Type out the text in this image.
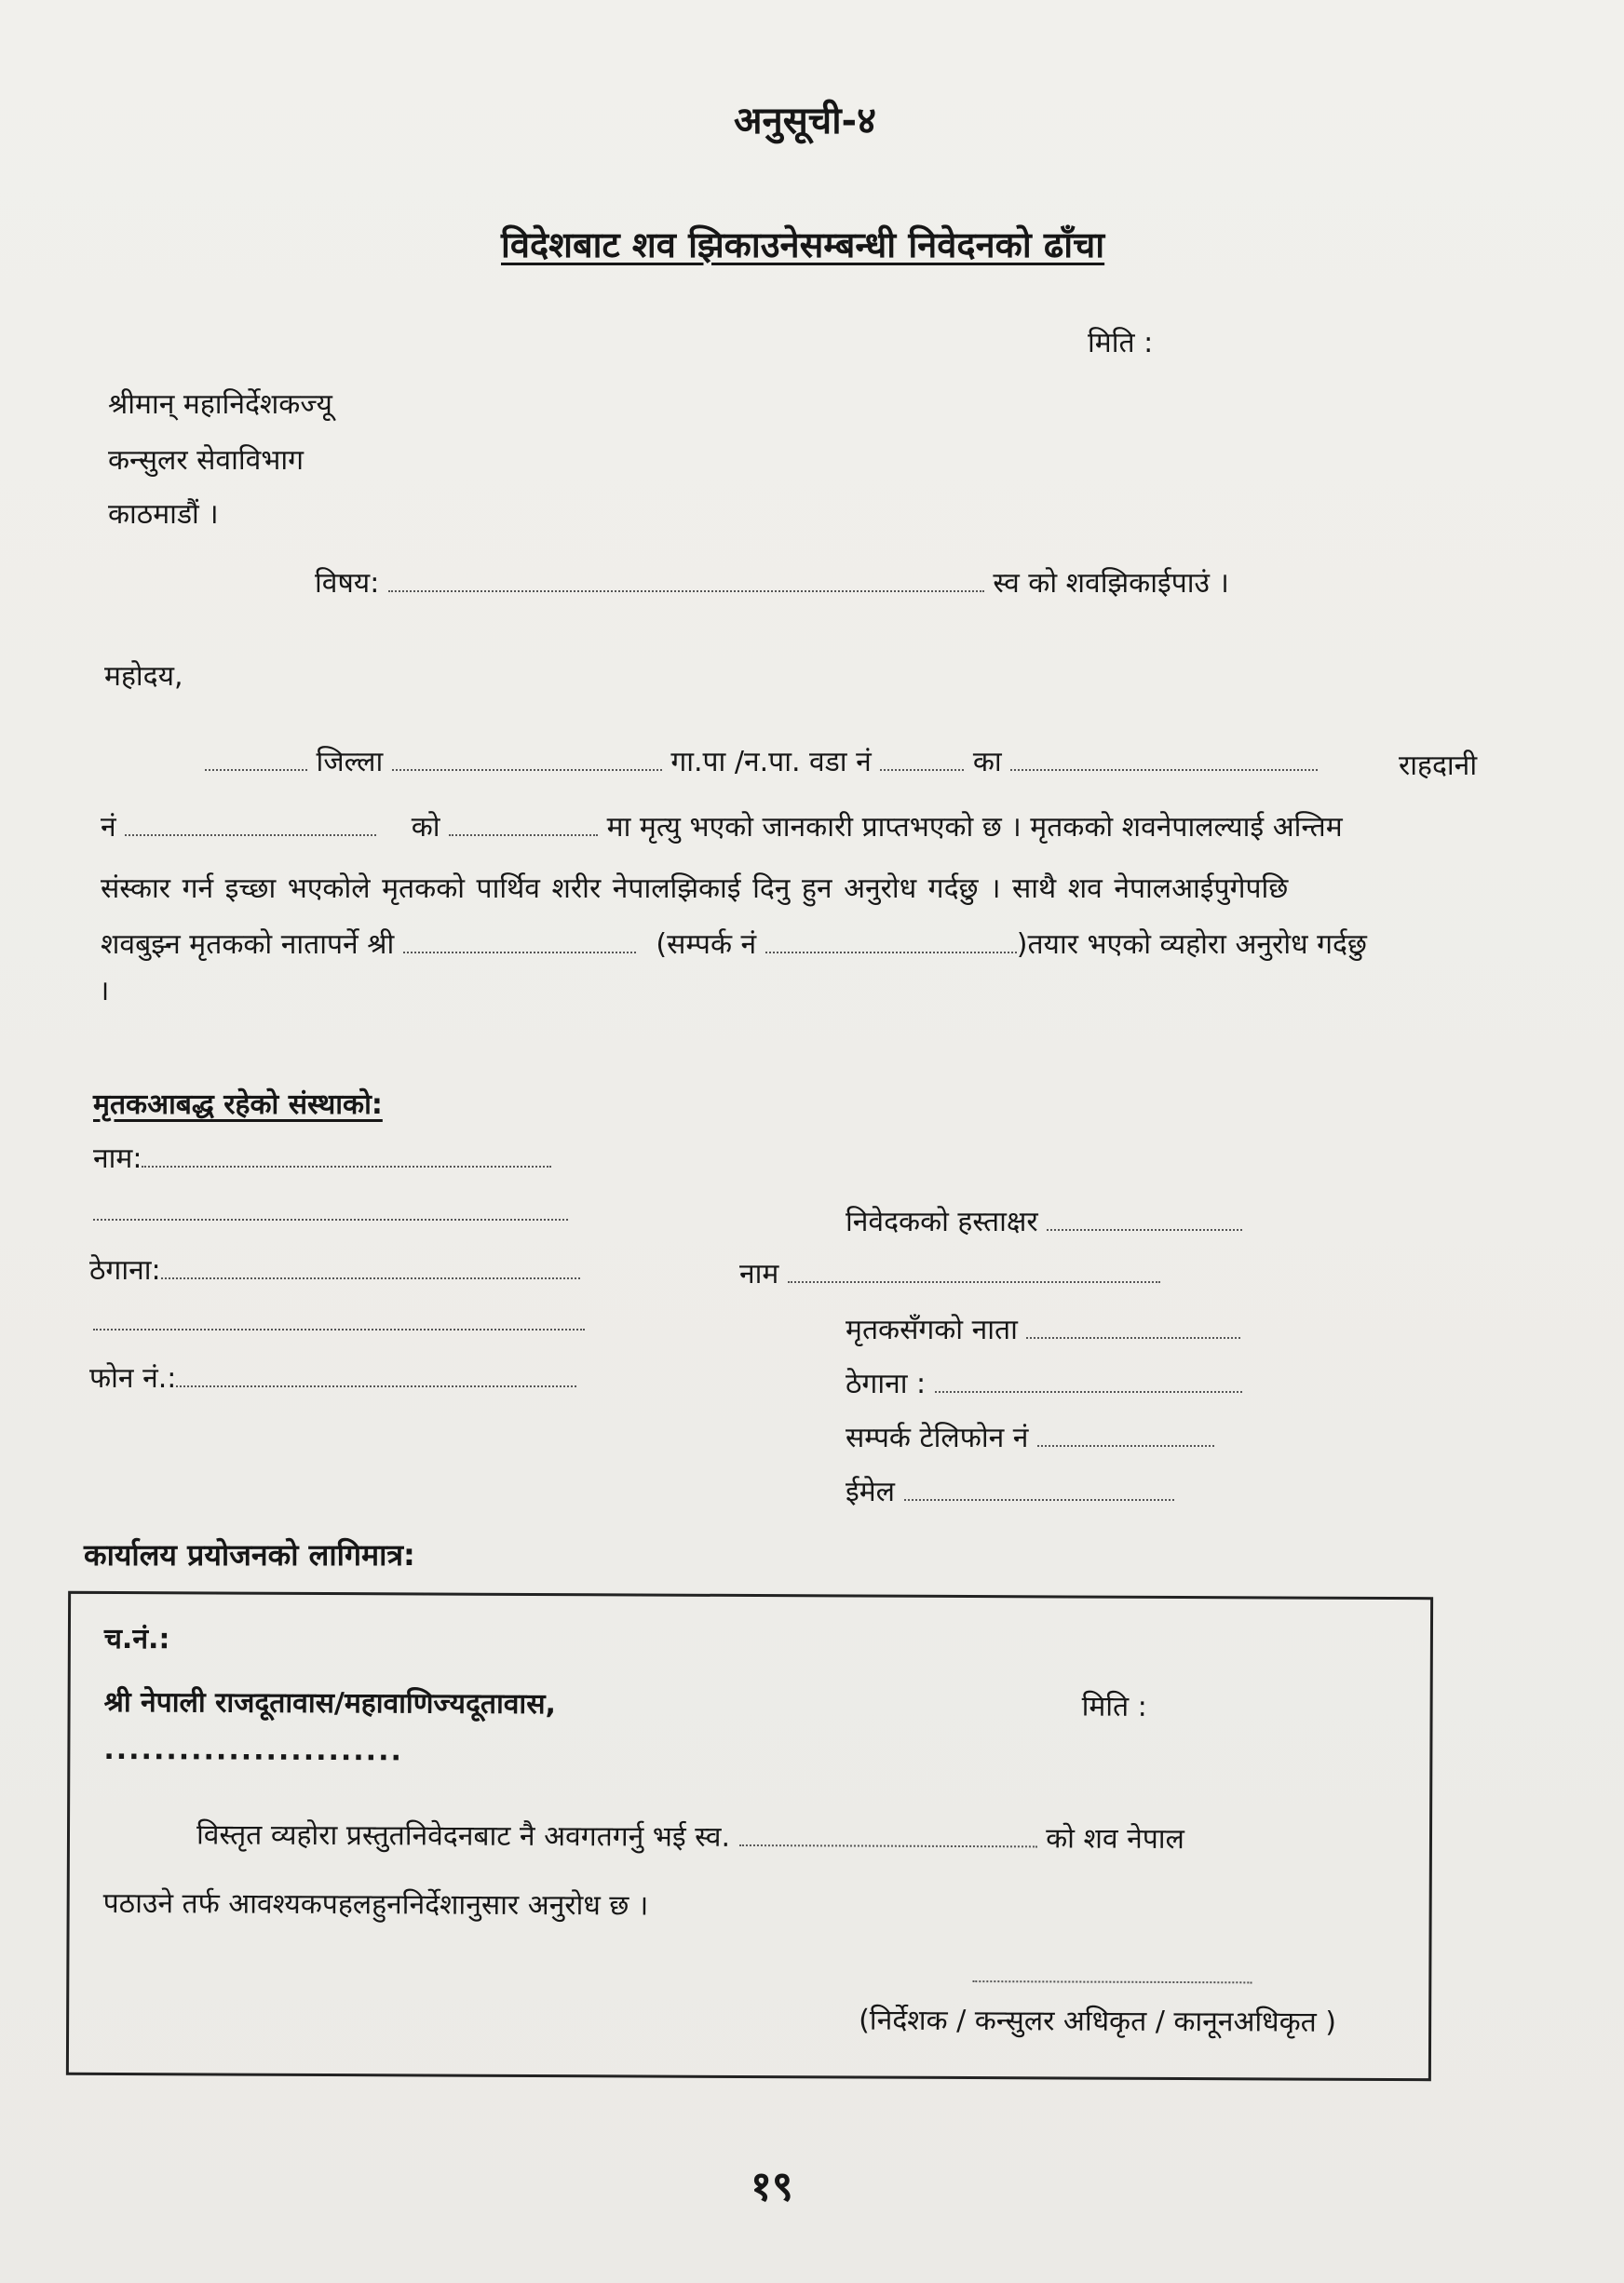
अनुसूची-४
विदेशबाट शव झिकाउनेसम्बन्धी निवेदनको ढाँचा
मिति :
श्रीमान् महानिर्देशकज्यू
कन्सुलर सेवाविभाग
काठमाडौं ।
विषय:	स्व को शवझिकाईपाउं ।
महोदय,
जिल्ला	गा.पा /न.पा. वडा नं	का	राहदानी
नं	को	मा मृत्यु भएको जानकारी प्राप्तभएको छ । मृतकको शवनेपालल्याई अन्तिम
संस्कार गर्न इच्छा भएकोले मृतकको पार्थिव शरीर नेपालझिकाई दिनु हुन अनुरोध गर्दछु । साथै शव नेपालआईपुगेपछि
शवबुझ्न मृतकको नातापर्ने श्री	(सम्पर्क नं	)तयार भएको व्यहोरा अनुरोध गर्दछु
।
मृतकआबद्ध रहेको संस्थाको:
नाम:
ठेगाना:
फोन नं.:
निवेदकको हस्ताक्षर
नाम
मृतकसँगको नाता
ठेगाना :
सम्पर्क टेलिफोन नं
ईमेल
कार्यालय प्रयोजनको लागिमात्र:
च.नं.:
श्री नेपाली राजदूतावास/महावाणिज्यदूतावास,	मिति :
........................
विस्तृत व्यहोरा प्रस्तुतनिवेदनबाट नै अवगतगर्नु भई स्व.	को शव नेपाल
पठाउने तर्फ आवश्यकपहलहुननिर्देशानुसार अनुरोध छ ।
(निर्देशक / कन्सुलर अधिकृत / कानूनअधिकृत )
१९
